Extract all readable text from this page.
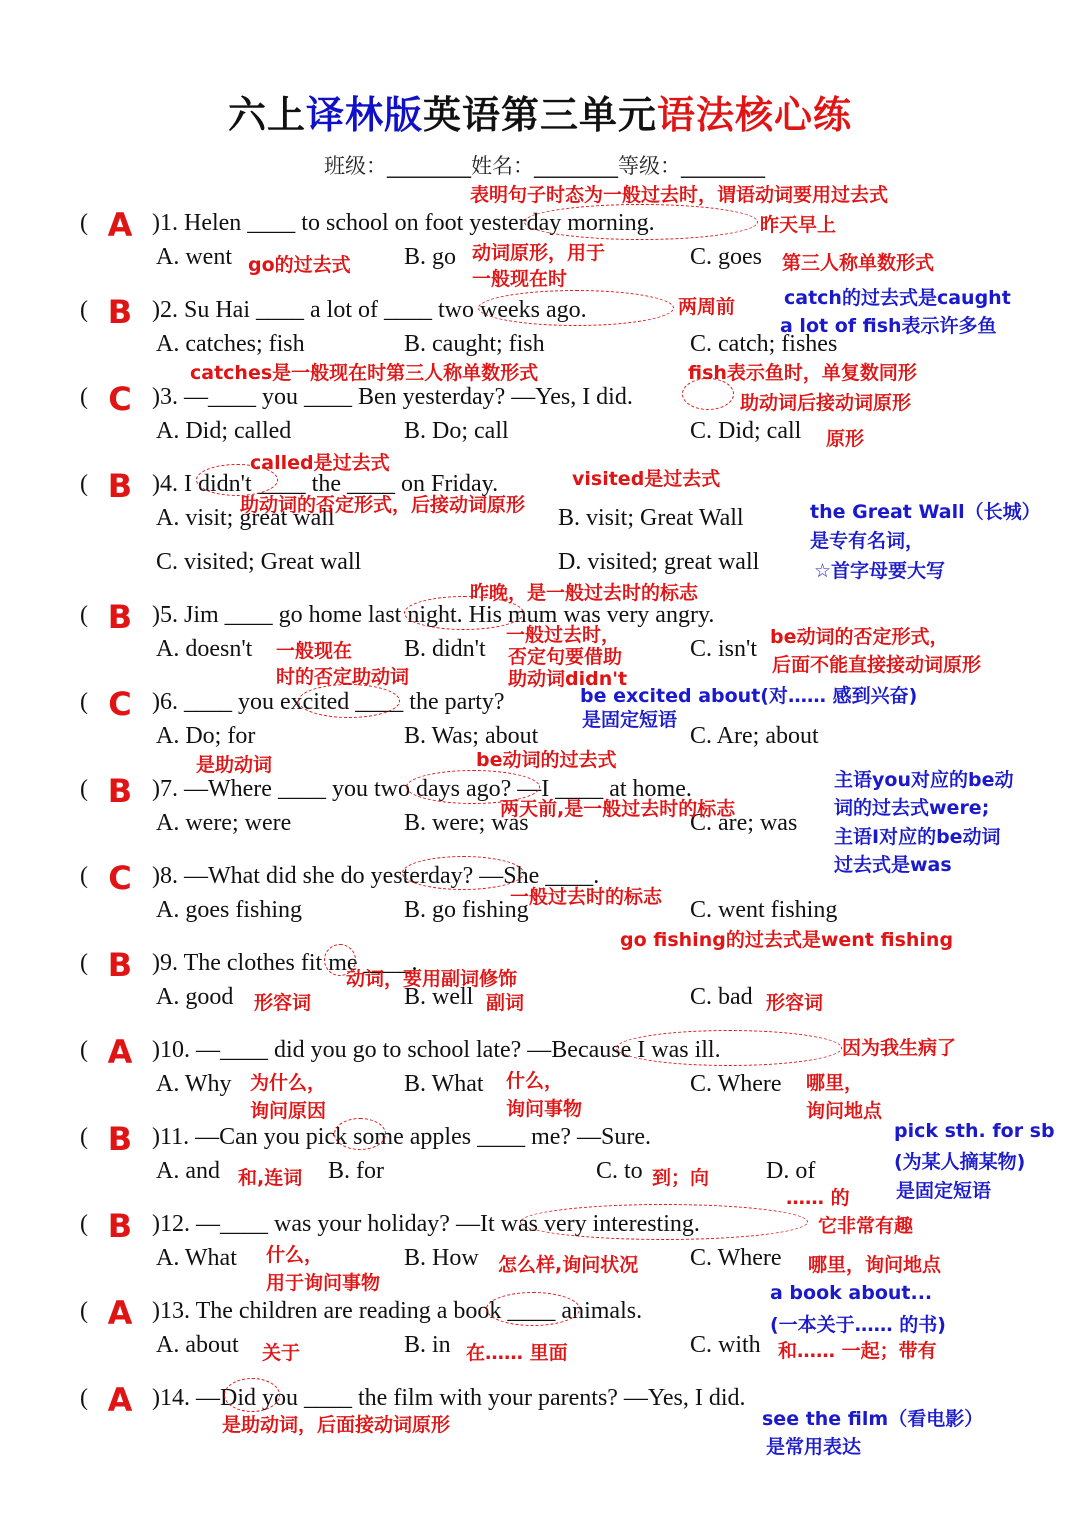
六上译林版英语第三单元语法核心练
班级：________姓名：________等级：________
( A )1. Helen ____ to school on foot yesterday morning.
A. went	B. go	C. goes
( B )2. Su Hai ____ a lot of ____ two weeks ago.
A. catches; fish	B. caught; fish	C. catch; fishes
( C )3. —____ you ____ Ben yesterday? —Yes, I did.
A. Did; called	B. Do; call	C. Did; call
( B )4. I didn't ____ the ____ on Friday.
A. visit; great wall	B. visit; Great Wall
C. visited; Great wall	D. visited; great wall
( B )5. Jim ____ go home last night. His mum was very angry.
A. doesn't	B. didn't	C. isn't
( C )6. ____ you excited ____ the party?
A. Do; for	B. Was; about	C. Are; about
( B )7. —Where ____ you two days ago? —I ____ at home.
A. were; were	B. were; was	C. are; was
( C )8. —What did she do yesterday? —She ____.
A. goes fishing	B. go fishing	C. went fishing
( B )9. The clothes fit me ____.
A. good	B. well	C. bad
( A )10. —____ did you go to school late? —Because I was ill.
A. Why	B. What	C. Where
( B )11. —Can you pick some apples ____ me? —Sure.
A. and	B. for	C. to	D. of
( B )12. —____ was your holiday? —It was very interesting.
A. What	B. How	C. Where
( A )13. The children are reading a book ____ animals.
A. about	B. in	C. with
( A )14. —Did you ____ the film with your parents? —Yes, I did.
表明句子时态为一般过去时，谓语动词要用过去式
昨天早上
go的过去式
动词原形，用于
一般现在时
第三人称单数形式
两周前	catch的过去式是caught
a lot of fish表示许多鱼
catches是一般现在时第三人称单数形式	fish表示鱼时，单复数同形
助动词后接动词原形
原形
called是过去式
visited是过去式
助动词的否定形式，后接动词原形	the Great Wall（长城）
是专有名词，
☆首字母要大写
昨晚，是一般过去时的标志
一般过去时，
否定句要借助
助动词didn't
一般现在
时的否定助动词
be动词的否定形式，
后面不能直接接动词原形
be excited about(对…… 感到兴奋)
是固定短语
是助动词	be动词的过去式
两天前,是一般过去时的标志
主语you对应的be动
词的过去式were;
主语I对应的be动词
过去式是was
一般过去时的标志
go fishing的过去式是went fishing
动词，要用副词修饰
形容词	副词	形容词
因为我生病了
为什么，
询问原因
什么，
询问事物
哪里，
询问地点
pick sth. for sb
(为某人摘某物)
是固定短语
和,连词	到；向
…… 的
它非常有趣
什么，
用于询问事物
怎么样,询问状况	哪里，询问地点
a book about...
(一本关于…… 的书)
关于	在…… 里面	和…… 一起；带有
是助动词，后面接动词原形	see the film（看电影）
是常用表达
